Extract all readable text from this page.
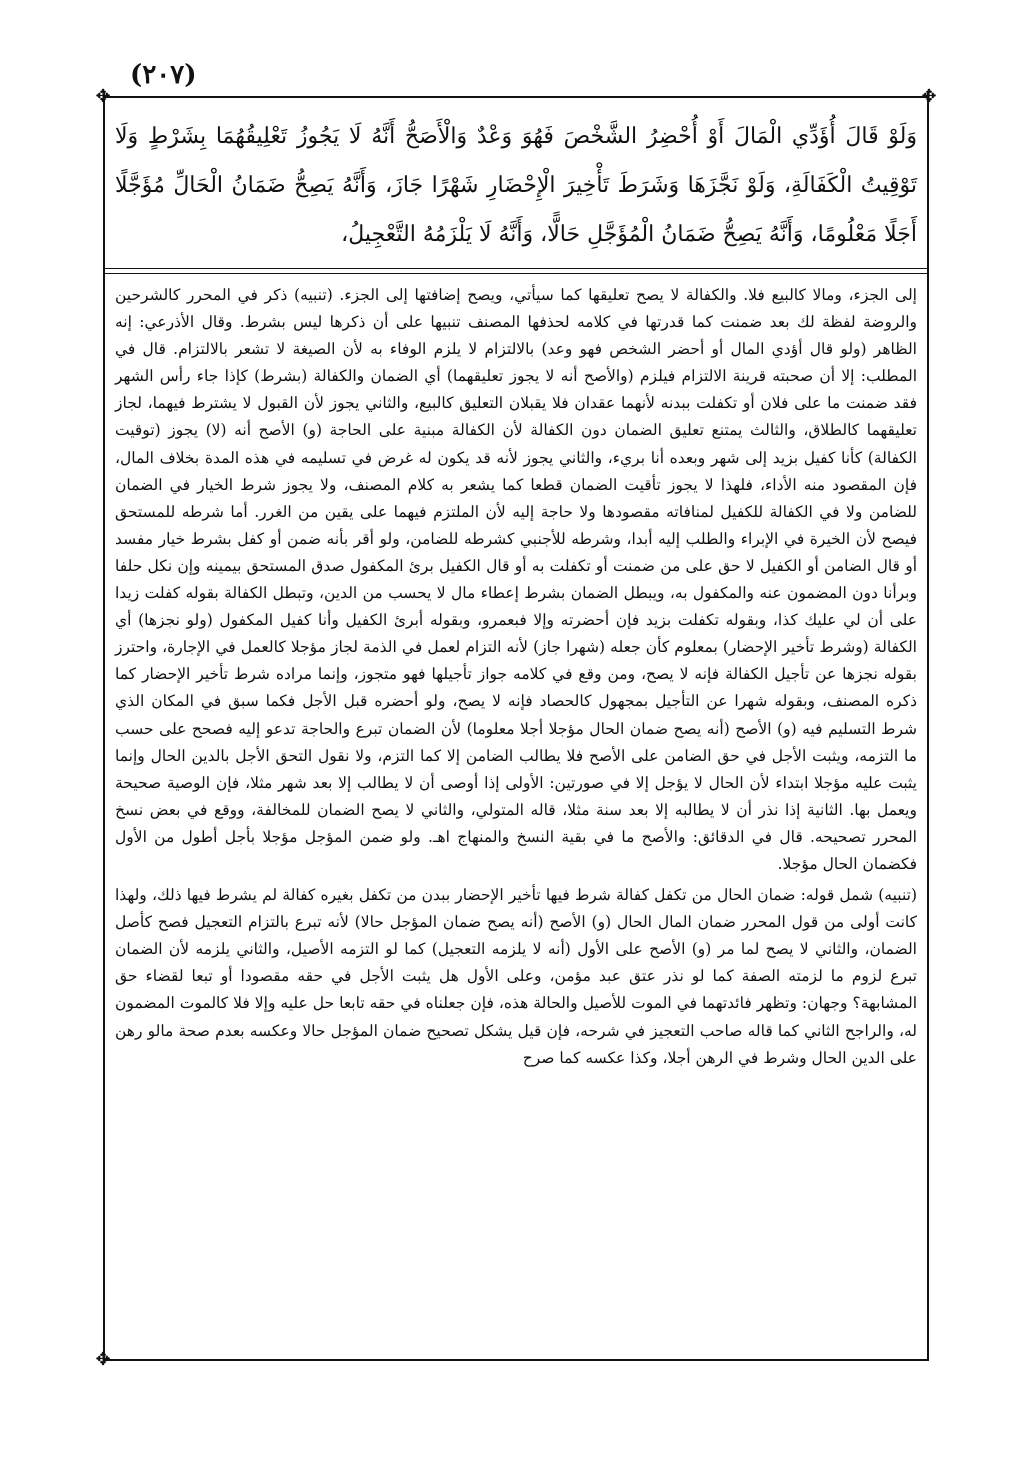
(٢٠٧)
✥	✥
✥

وَلَوْ قَالَ أُؤَدِّي الْمَالَ أَوْ أُحْضِرُ الشَّخْصَ فَهُوَ وَعْدٌ وَالْأَصَحُّ أَنَّهُ لَا يَجُوزُ تَعْلِيقُهُمَا بِشَرْطٍ وَلَا تَوْقِيتُ الْكَفَالَةِ، وَلَوْ نَجَّزَهَا وَشَرَطَ تَأْخِيرَ الْإِحْضَارِ شَهْرًا جَازَ، وَأَنَّهُ يَصِحُّ ضَمَانُ الْحَالِّ مُؤَجَّلًا أَجَلًا مَعْلُومًا، وَأَنَّهُ يَصِحُّ ضَمَانُ الْمُؤَجَّلِ حَالًّا، وَأَنَّهُ لَا يَلْزَمُهُ التَّعْجِيلُ،

إلى الجزء، ومالا كالبيع فلا. والكفالة لا يصح تعليقها كما سيأتي، ويصح إضافتها إلى الجزء. (تنبيه) ذكر في المحرر كالشرحين والروضة لفظة لك بعد ضمنت كما قدرتها في كلامه لحذفها المصنف تنبيها على أن ذكرها ليس بشرط. وقال الأذرعي: إنه الظاهر (ولو قال أؤدي المال أو أحضر الشخص فهو وعد) بالالتزام لا يلزم الوفاء به لأن الصيغة لا تشعر بالالتزام. قال في المطلب: إلا أن صحبته قرينة الالتزام فيلزم (والأصح أنه لا يجوز تعليقهما) أي الضمان والكفالة (بشرط) كإذا جاء رأس الشهر فقد ضمنت ما على فلان أو تكفلت ببدنه لأنهما عقدان فلا يقبلان التعليق كالبيع، والثاني يجوز لأن القبول لا يشترط فيهما، لجاز تعليقهما كالطلاق، والثالث يمتنع تعليق الضمان دون الكفالة لأن الكفالة مبنية على الحاجة (و) الأصح أنه (لا) يجوز (توقيت الكفالة) كأنا كفيل بزيد إلى شهر وبعده أنا بريء، والثاني يجوز لأنه قد يكون له غرض في تسليمه في هذه المدة بخلاف المال، فإن المقصود منه الأداء، فلهذا لا يجوز تأقيت الضمان قطعا كما يشعر به كلام المصنف، ولا يجوز شرط الخيار في الضمان للضامن ولا في الكفالة للكفيل لمنافاته مقصودها ولا حاجة إليه لأن الملتزم فيهما على يقين من الغرر. أما شرطه للمستحق فيصح لأن الخيرة في الإبراء والطلب إليه أبدا، وشرطه للأجنبي كشرطه للضامن، ولو أقر بأنه ضمن أو كفل بشرط خيار مفسد أو قال الضامن أو الكفيل لا حق على من ضمنت أو تكفلت به أو قال الكفيل برئ المكفول صدق المستحق بيمينه وإن نكل حلفا وبرأنا دون المضمون عنه والمكفول به، ويبطل الضمان بشرط إعطاء مال لا يحسب من الدين، وتبطل الكفالة بقوله كفلت زيدا على أن لي عليك كذا، وبقوله تكفلت بزيد فإن أحضرته وإلا فبعمرو، وبقوله أبرئ الكفيل وأنا كفيل المكفول (ولو نجزها) أي الكفالة (وشرط تأخير الإحضار) بمعلوم كأن جعله (شهرا جاز) لأنه التزام لعمل في الذمة لجاز مؤجلا كالعمل في الإجارة، واحترز بقوله نجزها عن تأجيل الكفالة فإنه لا يصح، ومن وقع في كلامه جواز تأجيلها فهو متجوز، وإنما مراده شرط تأخير الإحضار كما ذكره المصنف، وبقوله شهرا عن التأجيل بمجهول كالحصاد فإنه لا يصح، ولو أحضره قبل الأجل فكما سبق في المكان الذي شرط التسليم فيه (و) الأصح (أنه يصح ضمان الحال مؤجلا أجلا معلوما) لأن الضمان تبرع والحاجة تدعو إليه فصحح على حسب ما التزمه، ويثبت الأجل في حق الضامن على الأصح فلا يطالب الضامن إلا كما التزم، ولا نقول التحق الأجل بالدين الحال وإنما يثبت عليه مؤجلا ابتداء لأن الحال لا يؤجل إلا في صورتين: الأولى إذا أوصى أن لا يطالب إلا بعد شهر مثلا، فإن الوصية صحيحة ويعمل بها. الثانية إذا نذر أن لا يطالبه إلا بعد سنة مثلا، قاله المتولي، والثاني لا يصح الضمان للمخالفة، ووقع في بعض نسخ المحرر تصحيحه. قال في الدقائق: والأصح ما في بقية النسخ والمنهاج اهـ. ولو ضمن المؤجل مؤجلا بأجل أطول من الأول فكضمان الحال مؤجلا.

(تنبيه) شمل قوله: ضمان الحال من تكفل كفالة شرط فيها تأخير الإحضار ببدن من تكفل بغيره كفالة لم يشرط فيها ذلك، ولهذا كانت أولى من قول المحرر ضمان المال الحال (و) الأصح (أنه يصح ضمان المؤجل حالا) لأنه تبرع بالتزام التعجيل فصح كأصل الضمان، والثاني لا يصح لما مر (و) الأصح على الأول (أنه لا يلزمه التعجيل) كما لو التزمه الأصيل، والثاني يلزمه لأن الضمان تبرع لزوم ما لزمته الصفة كما لو نذر عتق عبد مؤمن، وعلى الأول هل يثبت الأجل في حقه مقصودا أو تبعا لقضاء حق المشابهة؟ وجهان: وتظهر فائدتهما في الموت للأصيل والحالة هذه، فإن جعلناه في حقه تابعا حل عليه وإلا فلا كالموت المضمون له، والراجح الثاني كما قاله صاحب التعجيز في شرحه، فإن قيل يشكل تصحيح ضمان المؤجل حالا وعكسه بعدم صحة مالو رهن على الدين الحال وشرط في الرهن أجلا، وكذا عكسه كما صرح
